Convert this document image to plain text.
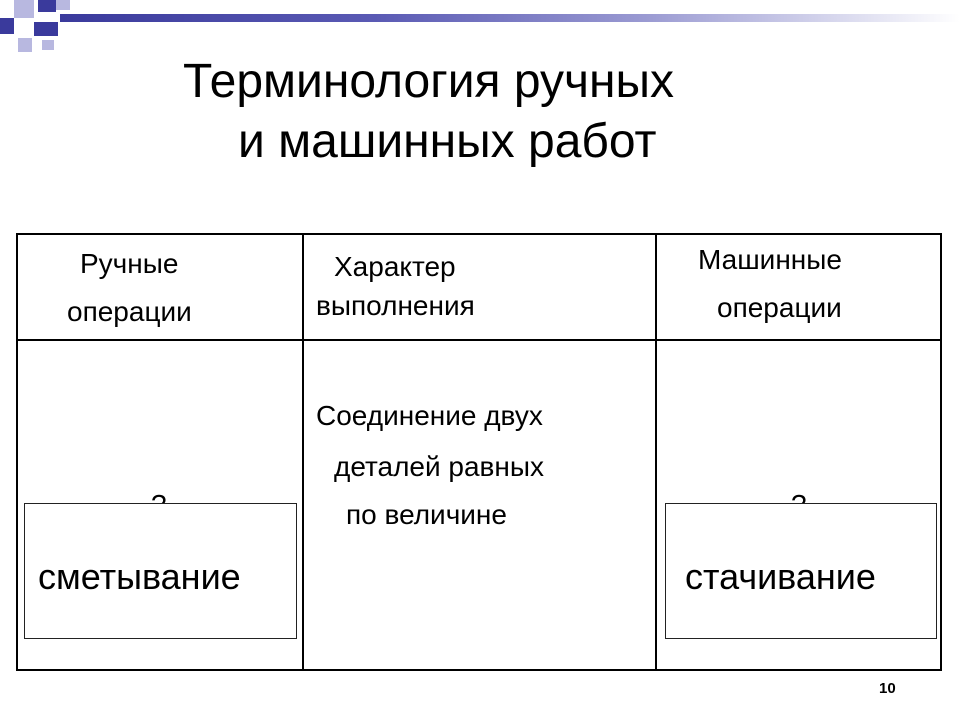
Терминология ручных
и машинных работ
Ручные
операции
Характер
выполнения
Машинные
операции
Соединение двух
деталей равных
по величине
сметывание	стачивание
10
